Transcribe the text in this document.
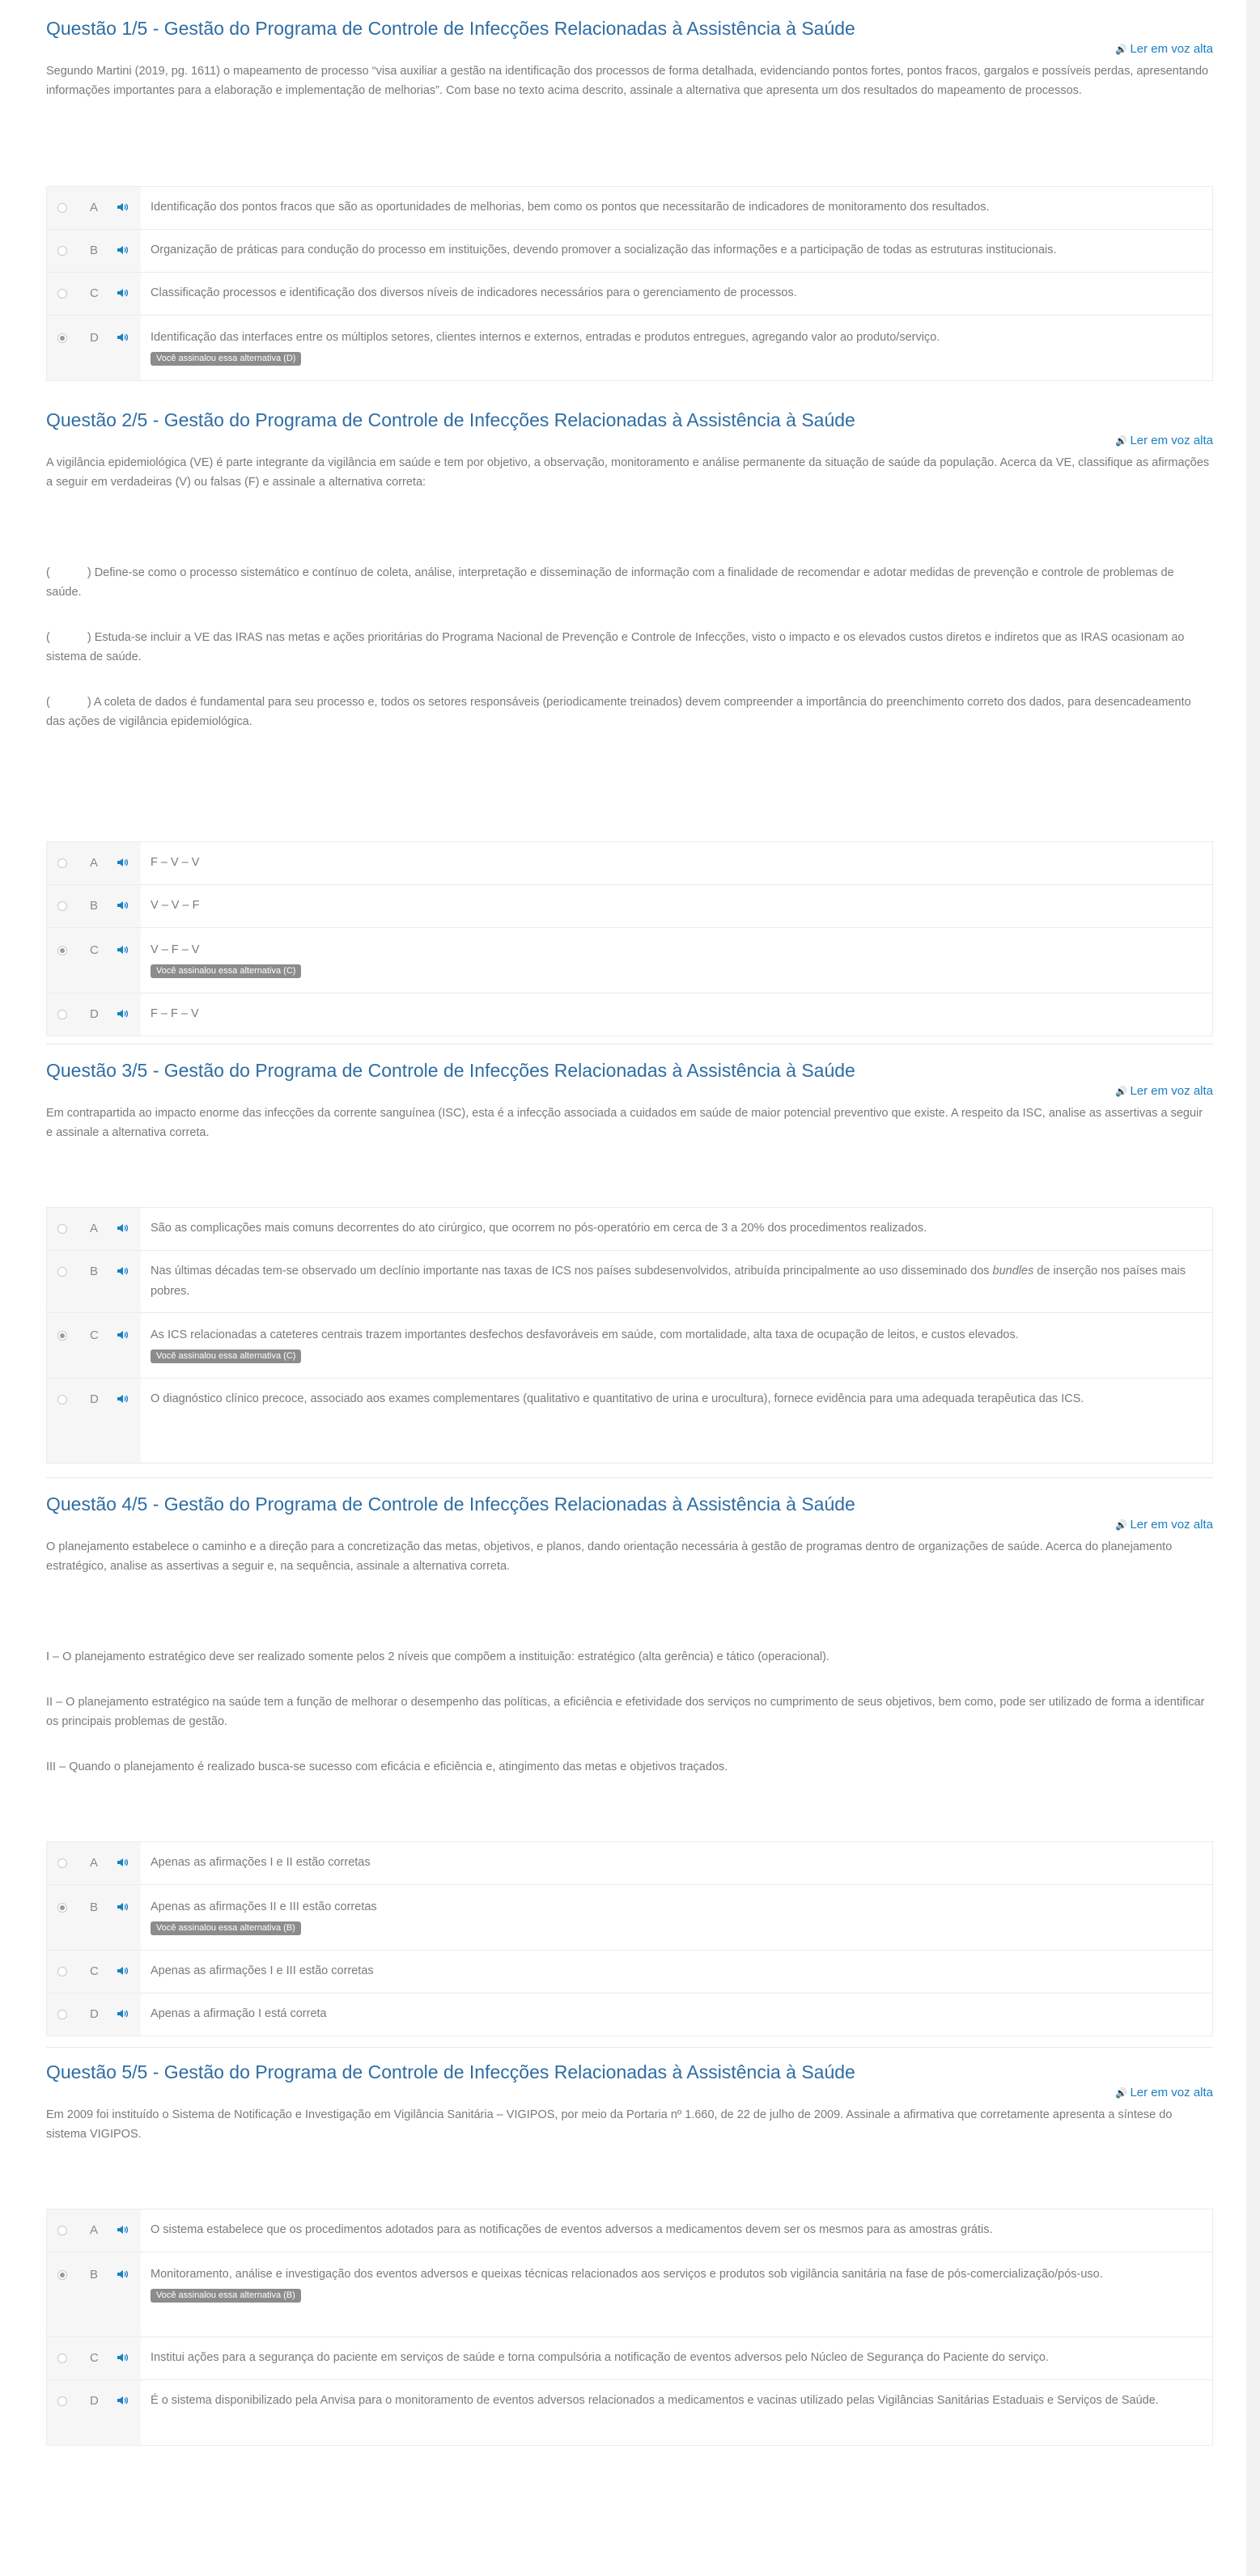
Questão 1/5 - Gestão do Programa de Controle de Infecções Relacionadas à Assistência à Saúde
🔊 Ler em voz alta

Segundo Martini (2019, pg. 1611) o mapeamento de processo “visa auxiliar a gestão na identificação dos processos de forma detalhada, evidenciando pontos fortes, pontos fracos, gargalos e possíveis perdas, apresentando informações importantes para a elaboração e implementação de melhorias”. Com base no texto acima descrito, assinale a alternativa que apresenta um dos resultados do mapeamento de processos.

A	Identificação dos pontos fracos que são as oportunidades de melhorias, bem como os pontos que necessitarão de indicadores de monitoramento dos resultados.
B	Organização de práticas para condução do processo em instituições, devendo promover a socialização das informações e a participação de todas as estruturas institucionais.
C	Classificação processos e identificação dos diversos níveis de indicadores necessários para o gerenciamento de processos.
D	Identificação das interfaces entre os múltiplos setores, clientes internos e externos, entradas e produtos entregues, agregando valor ao produto/serviço.
Você assinalou essa alternativa (D)
Questão 2/5 - Gestão do Programa de Controle de Infecções Relacionadas à Assistência à Saúde
🔊 Ler em voz alta

A vigilância epidemiológica (VE) é parte integrante da vigilância em saúde e tem por objetivo, a observação, monitoramento e análise permanente da situação de saúde da população. Acerca da VE, classifique as afirmações a seguir em verdadeiras (V) ou falsas (F) e assinale a alternativa correta:

(	) Define-se como o processo sistemático e contínuo de coleta, análise, interpretação e disseminação de informação com a finalidade de recomendar e adotar medidas de prevenção e controle de problemas de saúde.
(	) Estuda-se incluir a VE das IRAS nas metas e ações prioritárias do Programa Nacional de Prevenção e Controle de Infecções, visto o impacto e os elevados custos diretos e indiretos que as IRAS ocasionam ao sistema de saúde.
(	) A coleta de dados é fundamental para seu processo e, todos os setores responsáveis (periodicamente treinados) devem compreender a importância do preenchimento correto dos dados, para desencadeamento das ações de vigilância epidemiológica.
A	F – V – V
B	V – V – F
C	V – F – V
Você assinalou essa alternativa (C)
D	F – F – V
Questão 3/5 - Gestão do Programa de Controle de Infecções Relacionadas à Assistência à Saúde
🔊 Ler em voz alta

Em contrapartida ao impacto enorme das infecções da corrente sanguínea (ISC), esta é a infecção associada a cuidados em saúde de maior potencial preventivo que existe. A respeito da ISC, analise as assertivas a seguir e assinale a alternativa correta.

A	São as complicações mais comuns decorrentes do ato cirúrgico, que ocorrem no pós-operatório em cerca de 3 a 20% dos procedimentos realizados.
B	Nas últimas décadas tem-se observado um declínio importante nas taxas de ICS nos países subdesenvolvidos, atribuída principalmente ao uso disseminado dos bundles de inserção nos países mais pobres.
C	As ICS relacionadas a cateteres centrais trazem importantes desfechos desfavoráveis em saúde, com mortalidade, alta taxa de ocupação de leitos, e custos elevados.
Você assinalou essa alternativa (C)
D	O diagnóstico clínico precoce, associado aos exames complementares (qualitativo e quantitativo de urina e urocultura), fornece evidência para uma adequada terapêutica das ICS.
Questão 4/5 - Gestão do Programa de Controle de Infecções Relacionadas à Assistência à Saúde
🔊 Ler em voz alta

O planejamento estabelece o caminho e a direção para a concretização das metas, objetivos, e planos, dando orientação necessária à gestão de programas dentro de organizações de saúde. Acerca do planejamento estratégico, analise as assertivas a seguir e, na sequência, assinale a alternativa correta.

I – O planejamento estratégico deve ser realizado somente pelos 2 níveis que compõem a instituição: estratégico (alta gerência) e tático (operacional).
II – O planejamento estratégico na saúde tem a função de melhorar o desempenho das políticas, a eficiência e efetividade dos serviços no cumprimento de seus objetivos, bem como, pode ser utilizado de forma a identificar os principais problemas de gestão.
III – Quando o planejamento é realizado busca-se sucesso com eficácia e eficiência e, atingimento das metas e objetivos traçados.
A	Apenas as afirmações I e II estão corretas
B	Apenas as afirmações II e III estão corretas
Você assinalou essa alternativa (B)
C	Apenas as afirmações I e III estão corretas
D	Apenas a afirmação I está correta
Questão 5/5 - Gestão do Programa de Controle de Infecções Relacionadas à Assistência à Saúde
🔊 Ler em voz alta

Em 2009 foi instituído o Sistema de Notificação e Investigação em Vigilância Sanitária – VIGIPOS, por meio da Portaria nº 1.660, de 22 de julho de 2009. Assinale a afirmativa que corretamente apresenta a síntese do sistema VIGIPOS.

A	O sistema estabelece que os procedimentos adotados para as notificações de eventos adversos a medicamentos devem ser os mesmos para as amostras grátis.
B	Monitoramento, análise e investigação dos eventos adversos e queixas técnicas relacionados aos serviços e produtos sob vigilância sanitária na fase de pós-comercialização/pós-uso.
Você assinalou essa alternativa (B)
C	Institui ações para a segurança do paciente em serviços de saúde e torna compulsória a notificação de eventos adversos pelo Núcleo de Segurança do Paciente do serviço.
D	É o sistema disponibilizado pela Anvisa para o monitoramento de eventos adversos relacionados a medicamentos e vacinas utilizado pelas Vigilâncias Sanitárias Estaduais e Serviços de Saúde.
